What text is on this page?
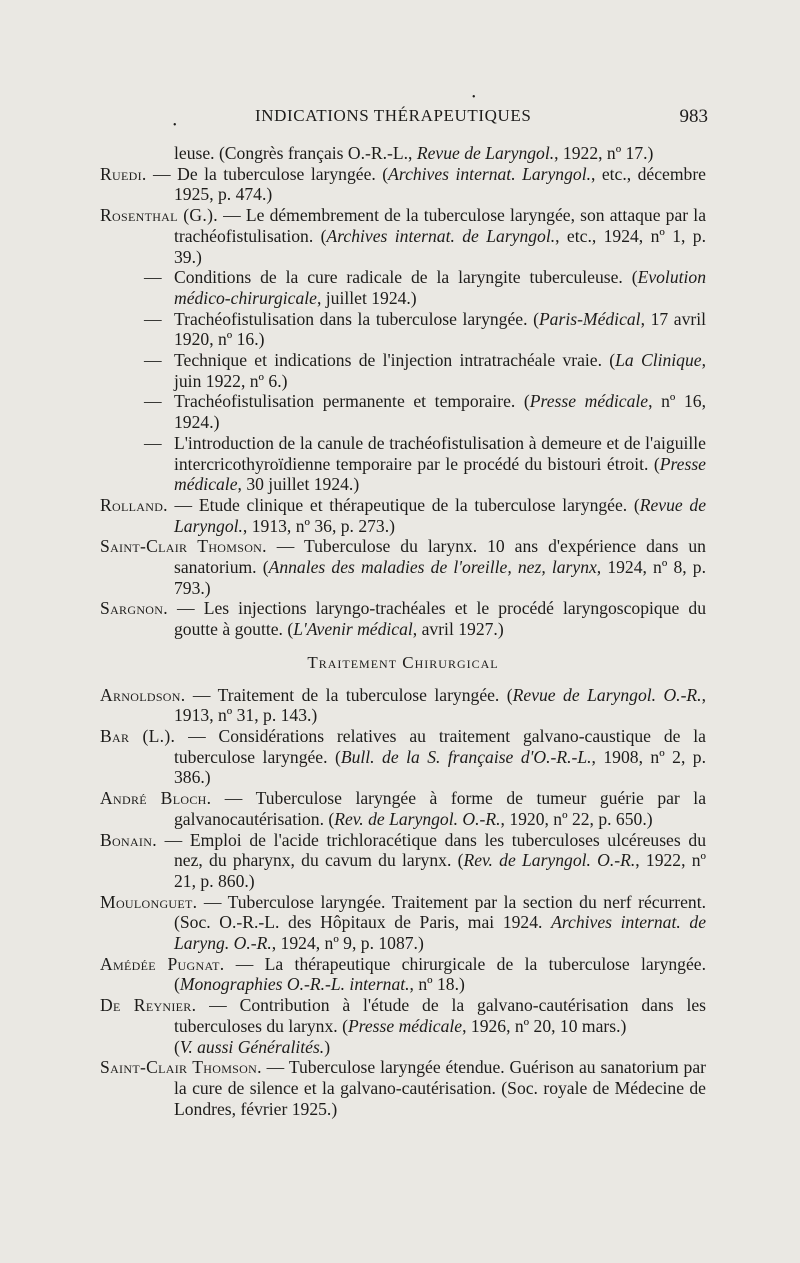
•
INDICATIONS THÉRAPEUTIQUES	983
•

leuse. (Congrès français O.-R.-L., Revue de Laryngol., 1922, nº 17.)

Ruedi. — De la tuberculose laryngée. (Archives internat. Laryngol., etc., décembre 1925, p. 474.)

Rosenthal (G.). — Le démembrement de la tuberculose laryngée, son attaque par la trachéofistulisation. (Archives internat. de Laryngol., etc., 1924, nº 1, p. 39.)

— Conditions de la cure radicale de la laryngite tuberculeuse. (Evolution médico-chirurgicale, juillet 1924.)

— Trachéofistulisation dans la tuberculose laryngée. (Paris-Médical, 17 avril 1920, nº 16.)

— Technique et indications de l'injection intratrachéale vraie. (La Clinique, juin 1922, nº 6.)

— Trachéofistulisation permanente et temporaire. (Presse médicale, nº 16, 1924.)

— L'introduction de la canule de trachéofistulisation à demeure et de l'aiguille intercricothyroïdienne temporaire par le procédé du bistouri étroit. (Presse médicale, 30 juillet 1924.)

Rolland. — Etude clinique et thérapeutique de la tuberculose laryngée. (Revue de Laryngol., 1913, nº 36, p. 273.)

Saint-Clair Thomson. — Tuberculose du larynx. 10 ans d'expérience dans un sanatorium. (Annales des maladies de l'oreille, nez, larynx, 1924, nº 8, p. 793.)

Sargnon. — Les injections laryngo-trachéales et le procédé laryngoscopique du goutte à goutte. (L'Avenir médical, avril 1927.)

Traitement Chirurgical

Arnoldson. — Traitement de la tuberculose laryngée. (Revue de Laryngol. O.-R., 1913, nº 31, p. 143.)

Bar (L.). — Considérations relatives au traitement galvano-caustique de la tuberculose laryngée. (Bull. de la S. française d'O.-R.-L., 1908, nº 2, p. 386.)

André Bloch. — Tuberculose laryngée à forme de tumeur guérie par la galvanocautérisation. (Rev. de Laryngol. O.-R., 1920, nº 22, p. 650.)

Bonain. — Emploi de l'acide trichloracétique dans les tuberculoses ulcéreuses du nez, du pharynx, du cavum du larynx. (Rev. de Laryngol. O.-R., 1922, nº 21, p. 860.)

Moulonguet. — Tuberculose laryngée. Traitement par la section du nerf récurrent. (Soc. O.-R.-L. des Hôpitaux de Paris, mai 1924. Archives internat. de Laryng. O.-R., 1924, nº 9, p. 1087.)

Amédée Pugnat. — La thérapeutique chirurgicale de la tuberculose laryngée. (Monographies O.-R.-L. internat., nº 18.)

De Reynier. — Contribution à l'étude de la galvano-cautérisation dans les tuberculoses du larynx. (Presse médicale, 1926, nº 20, 10 mars.)

(V. aussi Généralités.)

Saint-Clair Thomson. — Tuberculose laryngée étendue. Guérison au sanatorium par la cure de silence et la galvano-cautérisation. (Soc. royale de Médecine de Londres, février 1925.)
